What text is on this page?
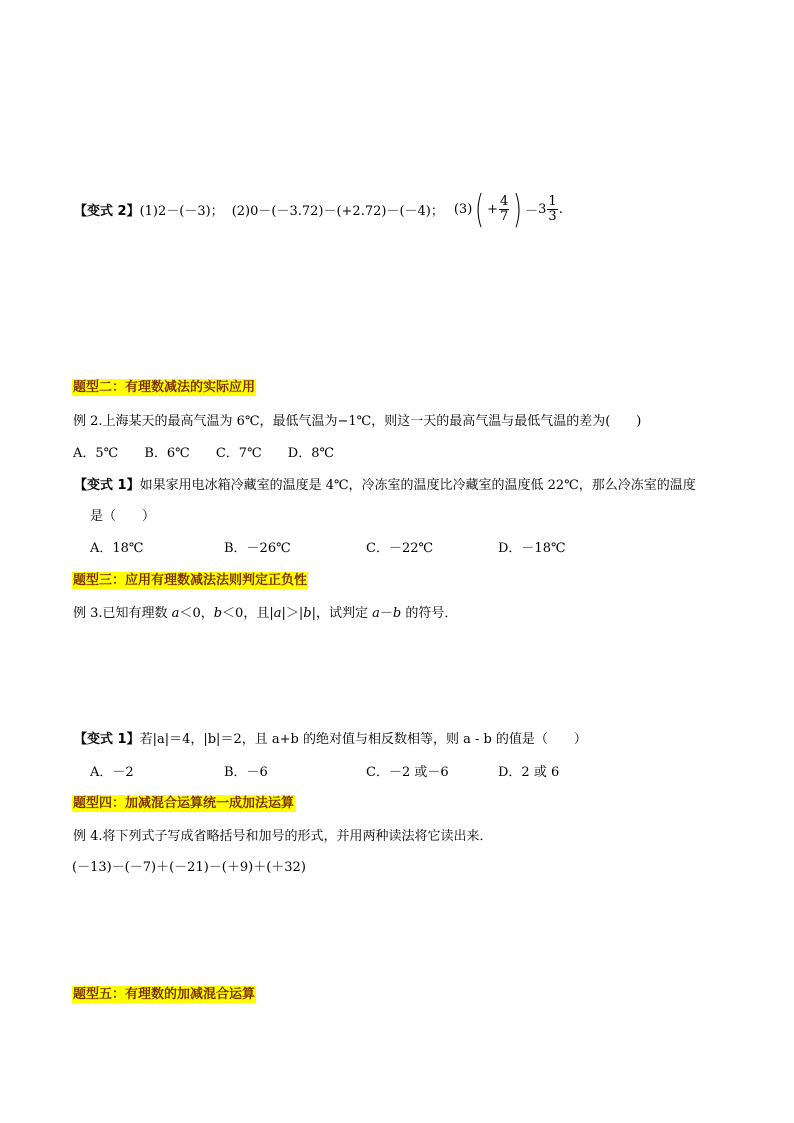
【变式 2】 (1)2－(－3)； (2)0－(－3.72)－(+2.72)－(－4)； (3) ( + $\frac{4}{7}$ ) － $3 \frac{1}{3}$ .
题型二：有理数减法的实际应用
例 2.上海某天的最高气温为 6℃，最低气温为−1℃，则这一天的最高气温与最低气温的差为(　　)
A．5℃ B．6℃ C．7℃ D．8℃
【变式 1】如果家用电冰箱冷藏室的温度是 4℃，冷冻室的温度比冷藏室的温度低 22℃，那么冷冻室的温度
是（　　）
A．18℃	B．－26℃	C．－22℃	D．－18℃
题型三：应用有理数减法法则判定正负性
例 3.已知有理数 a＜0，b＜0，且|a|＞|b|，试判定 a－b 的符号．
【变式 1】若|a|＝4，|b|＝2，且 a+b 的绝对值与相反数相等，则 a - b 的值是（　　）
A．－2	B．－6	C．－2 或－6	D．2 或 6
题型四：加减混合运算统一成加法运算
例 4.将下列式子写成省略括号和加号的形式，并用两种读法将它读出来．
(－13)－(－7)＋(－21)－(＋9)＋(＋32)
题型五：有理数的加减混合运算
